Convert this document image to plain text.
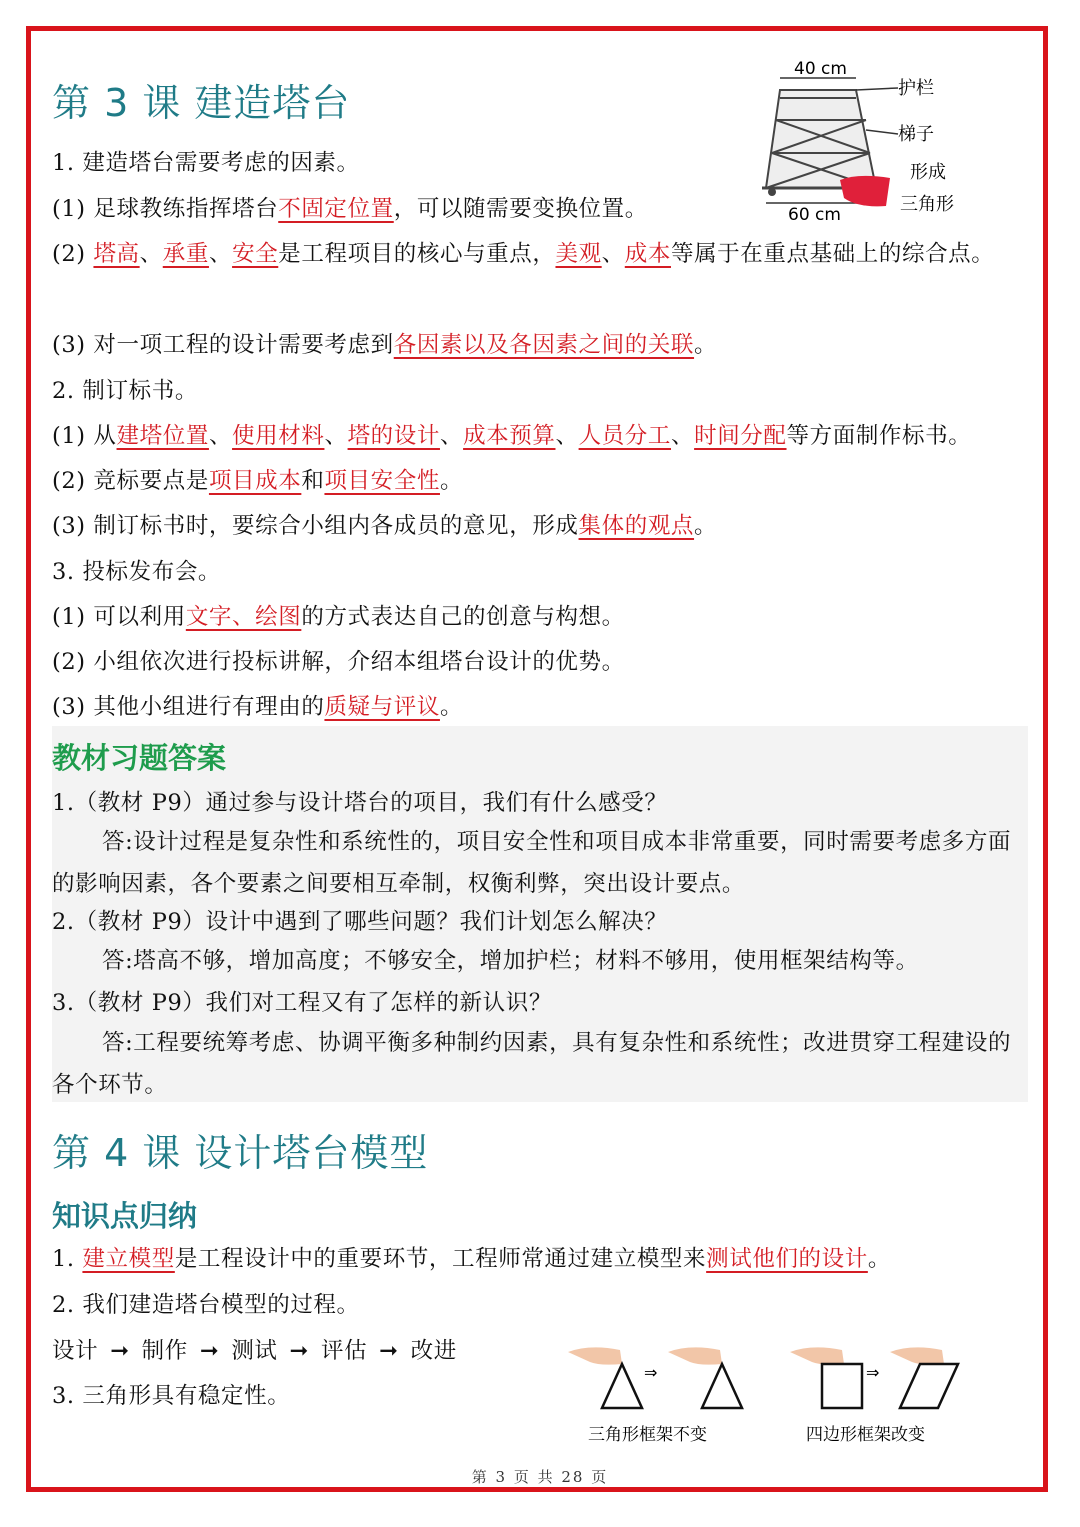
第 3 课 建造塔台
40 cm
60 cm
护栏
梯子
形成
三角形
1. 建造塔台需要考虑的因素。
(1) 足球教练指挥塔台不固定位置，可以随需要变换位置。
(2) 塔高、承重、安全是工程项目的核心与重点，美观、成本等属于在重点基础上的综合点。
(3) 对一项工程的设计需要考虑到各因素以及各因素之间的关联。
2. 制订标书。
(1) 从建塔位置、使用材料、塔的设计、成本预算、人员分工、时间分配等方面制作标书。
(2) 竞标要点是项目成本和项目安全性。
(3) 制订标书时，要综合小组内各成员的意见，形成集体的观点。
3. 投标发布会。
(1) 可以利用文字、绘图的方式表达自己的创意与构想。
(2) 小组依次进行投标讲解，介绍本组塔台设计的优势。
(3) 其他小组进行有理由的质疑与评议。
教材习题答案
1.（教材 P9）通过参与设计塔台的项目，我们有什么感受？
答:设计过程是复杂性和系统性的，项目安全性和项目成本非常重要，同时需要考虑多方面的影响因素，各个要素之间要相互牵制，权衡利弊，突出设计要点。
2.（教材 P9）设计中遇到了哪些问题？我们计划怎么解决？
答:塔高不够，增加高度；不够安全，增加护栏；材料不够用，使用框架结构等。
3.（教材 P9）我们对工程又有了怎样的新认识？
答:工程要统筹考虑、协调平衡多种制约因素，具有复杂性和系统性；改进贯穿工程建设的各个环节。
第 4 课 设计塔台模型
知识点归纳
1. 建立模型是工程设计中的重要环节，工程师常通过建立模型来测试他们的设计。
2. 我们建造塔台模型的过程。
设计 ➞ 制作 ➞ 测试 ➞ 评估 ➞ 改进
3. 三角形具有稳定性。
⇒
三角形框架不变
⇒
四边形框架改变
第 3 页 共 28 页
